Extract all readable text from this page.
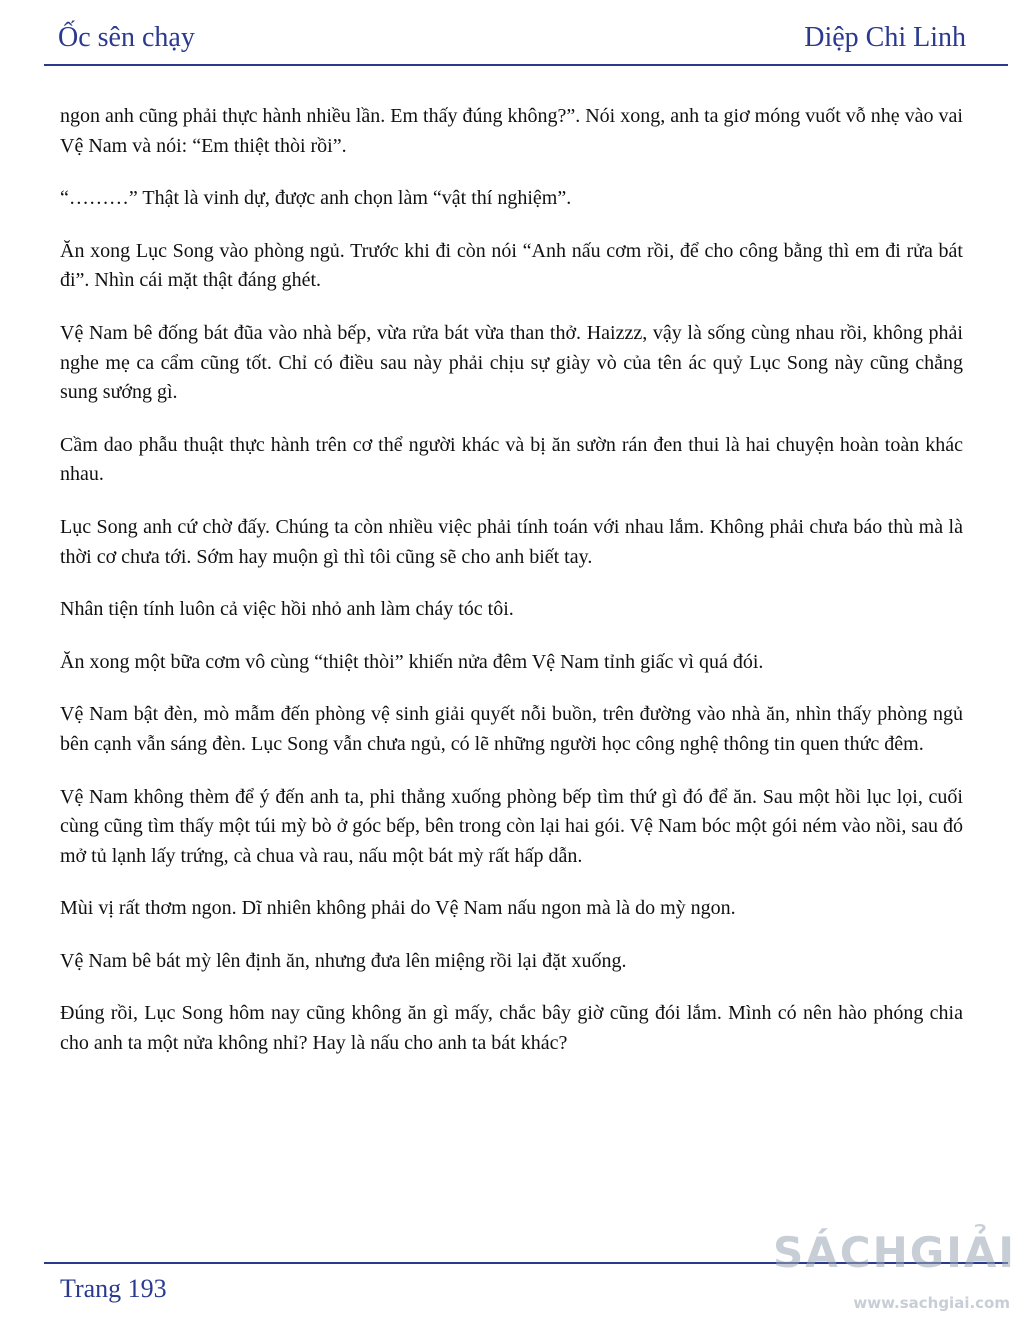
Ốc sên chạy	Diệp Chi Linh

ngon anh cũng phải thực hành nhiều lần. Em thấy đúng không?”. Nói xong, anh ta giơ móng vuốt vỗ nhẹ vào vai Vệ Nam và nói: “Em thiệt thòi rồi”.

“………” Thật là vinh dự, được anh chọn làm “vật thí nghiệm”.

Ăn xong Lục Song vào phòng ngủ. Trước khi đi còn nói “Anh nấu cơm rồi, để cho công bằng thì em đi rửa bát đi”. Nhìn cái mặt thật đáng ghét.

Vệ Nam bê đống bát đũa vào nhà bếp, vừa rửa bát vừa than thở. Haizzz, vậy là sống cùng nhau rồi, không phải nghe mẹ ca cẩm cũng tốt. Chỉ có điều sau này phải chịu sự giày vò của tên ác quỷ Lục Song này cũng chẳng sung sướng gì.

Cầm dao phẫu thuật thực hành trên cơ thể người khác và bị ăn sườn rán đen thui là hai chuyện hoàn toàn khác nhau.

Lục Song anh cứ chờ đấy. Chúng ta còn nhiều việc phải tính toán với nhau lắm. Không phải chưa báo thù mà là thời cơ chưa tới. Sớm hay muộn gì thì tôi cũng sẽ cho anh biết tay.

Nhân tiện tính luôn cả việc hồi nhỏ anh làm cháy tóc tôi.

Ăn xong một bữa cơm vô cùng “thiệt thòi” khiến nửa đêm Vệ Nam tỉnh giấc vì quá đói.

Vệ Nam bật đèn, mò mẫm đến phòng vệ sinh giải quyết nỗi buồn, trên đường vào nhà ăn, nhìn thấy phòng ngủ bên cạnh vẫn sáng đèn. Lục Song vẫn chưa ngủ, có lẽ những người học công nghệ thông tin quen thức đêm.

Vệ Nam không thèm để ý đến anh ta, phi thẳng xuống phòng bếp tìm thứ gì đó để ăn. Sau một hồi lục lọi, cuối cùng cũng tìm thấy một túi mỳ bò ở góc bếp, bên trong còn lại hai gói. Vệ Nam bóc một gói ném vào nồi, sau đó mở tủ lạnh lấy trứng, cà chua và rau, nấu một bát mỳ rất hấp dẫn.

Mùi vị rất thơm ngon. Dĩ nhiên không phải do Vệ Nam nấu ngon mà là do mỳ ngon.

Vệ Nam bê bát mỳ lên định ăn, nhưng đưa lên miệng rồi lại đặt xuống.

Đúng rồi, Lục Song hôm nay cũng không ăn gì mấy, chắc bây giờ cũng đói lắm. Mình có nên hào phóng chia cho anh ta một nửa không nhỉ? Hay là nấu cho anh ta bát khác?

Trang 193
SÁCHGIẢI
www.sachgiai.com
